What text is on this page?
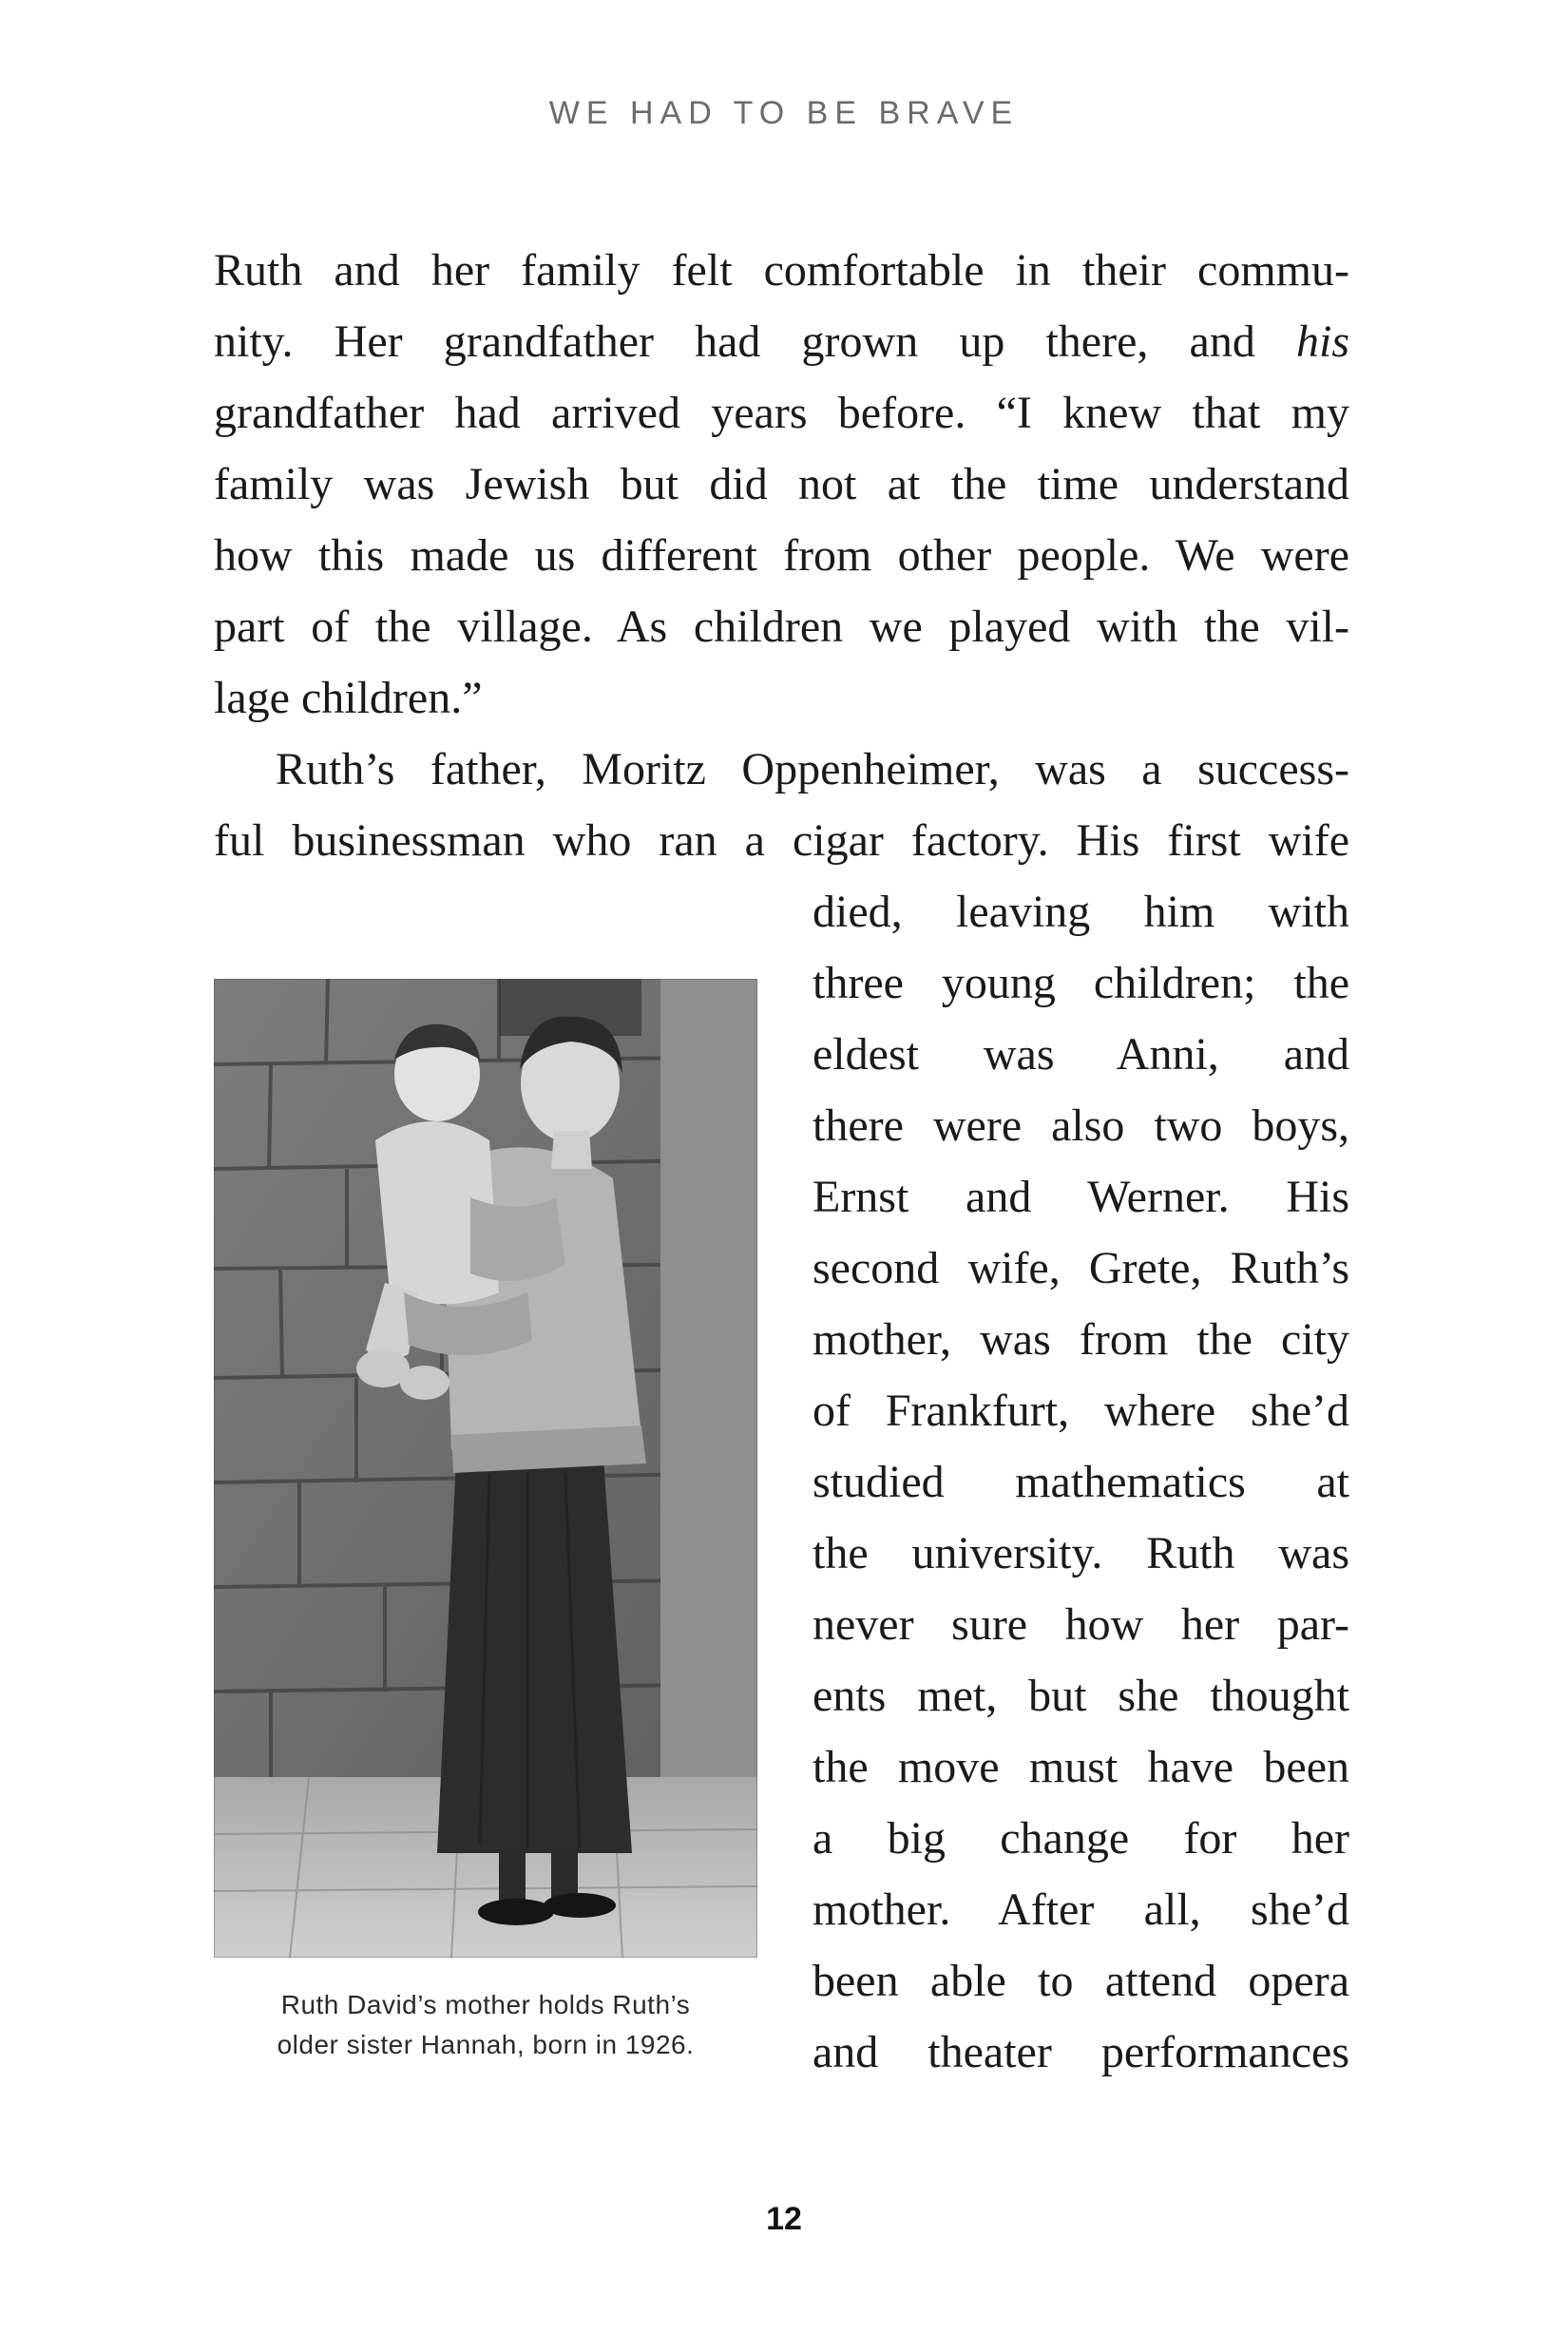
WE HAD TO BE BRAVE

Ruth and her family felt comfortable in their commu-

nity. Her grandfather had grown up there, and his

grandfather had arrived years before. “I knew that my

family was Jewish but did not at the time understand

how this made us different from other people. We were

part of the village. As children we played with the vil-

lage children.”

Ruth’s father, Moritz Oppenheimer, was a success-

ful businessman who ran a cigar factory. His first wife

died, leaving him with

three young children; the

eldest was Anni, and

there were also two boys,

Ernst and Werner. His

second wife, Grete, Ruth’s

mother, was from the city

of Frankfurt, where she’d

studied mathematics at

the university. Ruth was

never sure how her par-

ents met, but she thought

the move must have been

a big change for her

mother. After all, she’d

been able to attend opera

and theater performances

Ruth David’s mother holds Ruth’s
older sister Hannah, born in 1926.
12
